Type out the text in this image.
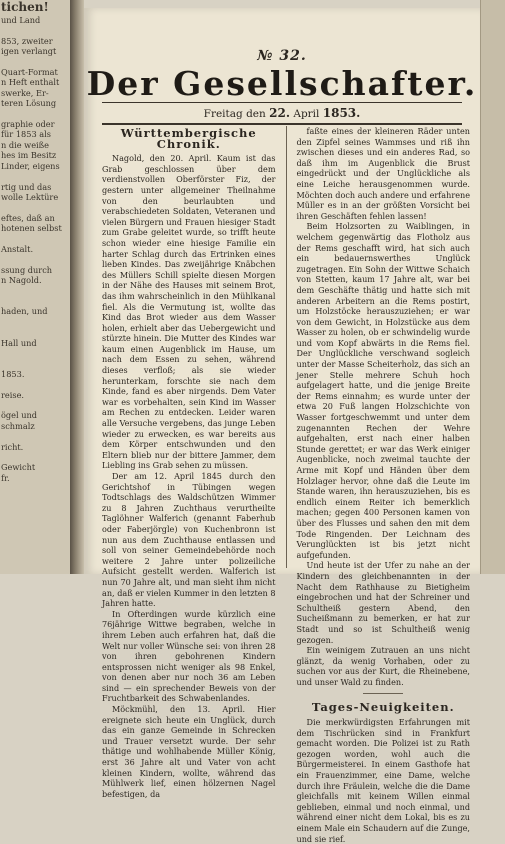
tichen!
und Land

853, zweiter
igen verlangt

Quart-Format
n Heft enthalt
swerke, Er-
teren Lösung

graphie oder
für 1853 als
n die weiße
hes im Besitz
Linder, eigens

rtig und das
wolle Lektüre

eftes, daß an
hotenen selbst

Anstalt.

ssung durch
n Nagold.

haden, und

Hall und

1853.

reise.

ögel und
schmalz

richt.

Gewicht
fr.
№ 32.
Der Gesellschafter.
Freitag den 22. April 1853.
Württembergische Chronik.

Nagold, den 20. April. Kaum ist das Grab geschlossen über dem verdienstvollen Oberförster Fiz, der gestern unter allgemeiner Theilnahme von den beurlaubten und verabschiedeten Soldaten, Veteranen und vielen Bürgern und Frauen hiesiger Stadt zum Grabe geleitet wurde, so trifft heute schon wieder eine hiesige Familie ein harter Schlag durch das Ertrinken eines lieben Kindes. Das zweijährige Knäbchen des Müllers Schill spielte diesen Morgen in der Nähe des Hauses mit seinem Brot, das ihm wahrscheinlich in den Mühlkanal fiel. Als die Vermutung ist, wollte das Kind das Brot wieder aus dem Wasser holen, erhielt aber das Uebergewicht und stürzte hinein. Die Mutter des Kindes war kaum einen Augenblick im Hause, um nach dem Essen zu sehen, während dieses verfloß; als sie wieder herunterkam, forschte sie nach dem Kinde, fand es aber nirgends. Dem Vater war es vorbehalten, sein Kind im Wasser am Rechen zu entdecken. Leider waren alle Versuche vergebens, das junge Leben wieder zu erwecken, es war bereits aus dem Körper entschwunden und den Eltern blieb nur der bittere Jammer, dem Liebling ins Grab sehen zu müssen.

Der am 12. April 1845 durch den Gerichtshof in Tübingen wegen Todtschlags des Waldschützen Wimmer zu 8 Jahren Zuchthaus verurtheilte Taglöhner Walferich (genannt Faberhub oder Faberjörgle) von Kuchenbronn ist nun aus dem Zuchthause entlassen und soll von seiner Gemeindebehörde noch weitere 2 Jahre unter polizeiliche Aufsicht gestellt werden. Walferich ist nun 70 Jahre alt, und man sieht ihm nicht an, daß er vielen Kummer in den letzten 8 Jahren hatte.

In Ofterdingen wurde kürzlich eine 76jährige Wittwe begraben, welche in ihrem Leben auch erfahren hat, daß die Welt nur voller Wünsche sei: von ihren 28 von ihren gebohrenen Kindern entsprossen nicht weniger als 98 Enkel, von denen aber nur noch 36 am Leben sind — ein sprechender Beweis von der Fruchtbarkeit des Schwabenlandes.

Möckmühl, den 13. April. Hier ereignete sich heute ein Unglück, durch das ein ganze Gemeinde in Schrecken und Trauer versetzt wurde. Der sehr thätige und wohlhabende Müller König, erst 36 Jahre alt und Vater von acht kleinen Kindern, wollte, während das Mühlwerk lief, einen hölzernen Nagel befestigen, da

faßte eines der kleineren Räder unten den Zipfel seines Wammses und riß ihn zwischen dieses und ein anderes Rad, so daß ihm im Augenblick die Brust eingedrückt und der Unglückliche als eine Leiche herausgenommen wurde. Möchten doch auch andere und erfahrene Müller es in an der größten Vorsicht bei ihren Geschäften fehlen lassen!

Beim Holzsorten zu Waiblingen, in welchem gegenwärtig das Flotholz aus der Rems geschafft wird, hat sich auch ein bedauernswerthes Unglück zugetragen. Ein Sohn der Wittwe Schaich von Stetten, kaum 17 Jahre alt, war bei dem Geschäfte thätig und hatte sich mit anderen Arbeitern an die Rems postirt, um Holzstöcke herauszuziehen; er war von dem Gewicht, in Holzstücke aus dem Wasser zu holen, ob er schwindelig wurde und vom Kopf abwärts in die Rems fiel. Der Unglückliche verschwand sogleich unter der Masse Scheiterholz, das sich an jener Stelle mehrere Schuh hoch aufgelagert hatte, und die jenige Breite der Rems einnahm; es wurde unter der etwa 20 Fuß langen Holzschichte von Wasser fortgeschwemmt und unter dem zugenannten Rechen der Wehre aufgehalten, erst nach einer halben Stunde gerettet; er war das Werk einiger Augenblicke, noch zweimal tauchte der Arme mit Kopf und Händen über dem Holzlager hervor, ohne daß die Leute im Stande waren, ihn herauszuziehen, bis es endlich einem Reiter ich bemerklich machen; gegen 400 Personen kamen von über des Flusses und sahen den mit dem Tode Ringenden. Der Leichnam des Verunglückten ist bis jetzt nicht aufgefunden.

Und heute ist der Ufer zu nahe an der Kindern des gleichbenannten in der Nacht dem Rathhause zu Bietigheim eingebrochen und hat der Schreiner und Schultheiß gestern Abend, den Sucheißmann zu bemerken, er hat zur Stadt und so ist Schultheiß wenig gezogen.

Ein weinigem Zutrauen an uns nicht glänzt, da wenig Vorhaben, oder zu suchen vor aus der Kurt, die Rheinebene, und unser Wald zu finden.

Tages-Neuigkeiten.

Die merkwürdigsten Erfahrungen mit dem Tischrücken sind in Frankfurt gemacht worden. Die Polizei ist zu Rath gezogen worden, wohl auch die Bürgermeisterei. In einem Gasthofe hat ein Frauenzimmer, eine Dame, welche durch ihre Fräulein, welche die die Dame gleichfalls mit keinem Willen einmal geblieben, einmal und noch einmal, und während einer nicht dem Lokal, bis es zu einem Male ein Schaudern auf die Zunge, und sie rief.
